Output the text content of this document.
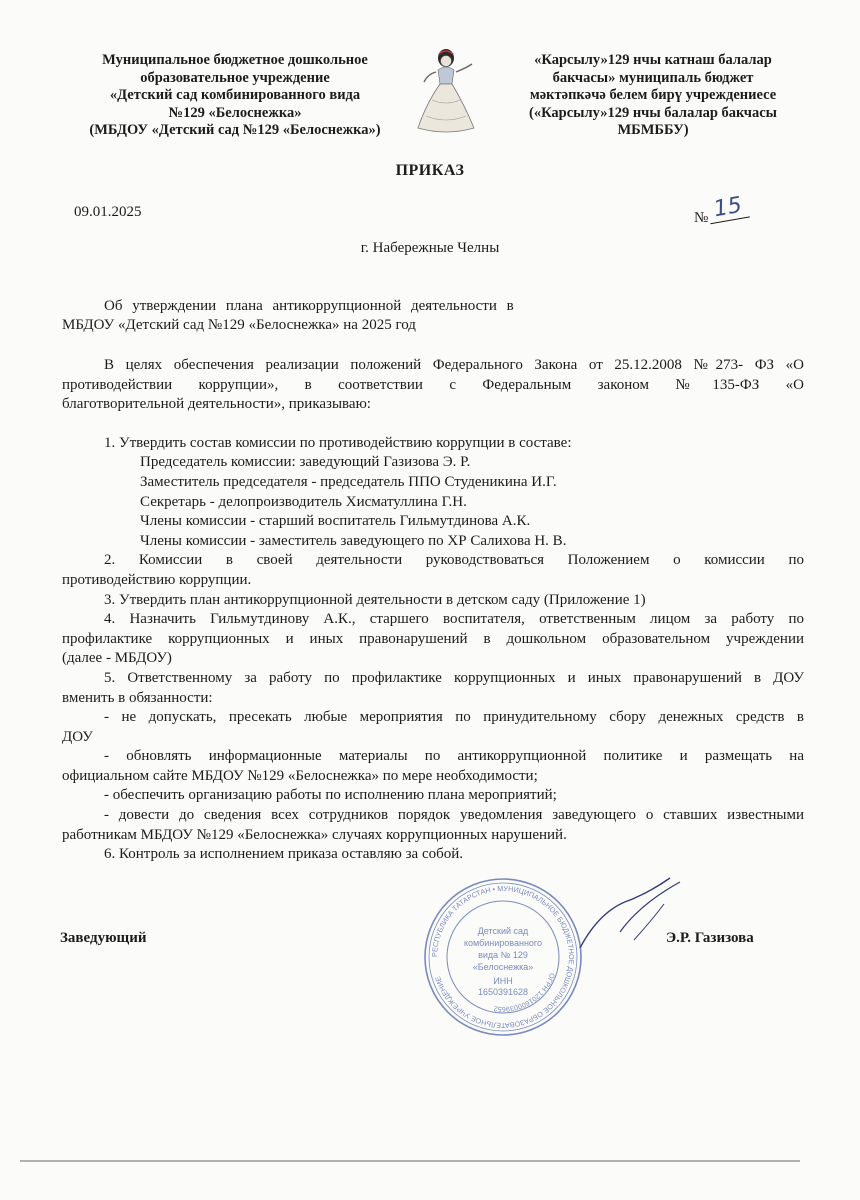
Муниципальное бюджетное дошкольное
образовательное учреждение
«Детский сад комбинированного вида
№129 «Белоснежка»
(МБДОУ «Детский сад №129 «Белоснежка»)
«Карсылу»129 нчы катнаш балалар
бакчасы» муниципаль бюджет
мәктәпкәчә белем бирү учреждениесе
(«Карсылу»129 нчы балалар бакчасы
МБМББУ)
ПРИКАЗ
09.01.2025	№ 15
г. Набережные Челны
Об утверждении плана антикоррупционной деятельности в
МБДОУ «Детский сад №129 «Белоснежка» на 2025 год

В целях обеспечения реализации положений Федерального Закона от 25.12.2008 №273- ФЗ «О

противодействии коррупции», в соответствии с Федеральным законом №135-ФЗ «О

благотворительной деятельности», приказываю:

1. Утвердить состав комиссии по противодействию коррупции в составе:

Председатель комиссии: заведующий Газизова Э. Р.

Заместитель председателя - председатель ППО Студеникина И.Г.

Секретарь - делопроизводитель Хисматуллина Г.Н.

Члены комиссии - старший воспитатель Гильмутдинова А.К.

Члены комиссии - заместитель заведующего по ХР Салихова Н. В.

2. Комиссии в своей деятельности руководствоваться Положением о комиссии по

противодействию коррупции.

3. Утвердить план антикоррупционной деятельности в детском саду (Приложение 1)

4. Назначить Гильмутдинову А.К., старшего воспитателя, ответственным лицом за работу по

профилактике коррупционных и иных правонарушений в дошкольном образовательном учреждении

(далее - МБДОУ)

5. Ответственному за работу по профилактике коррупционных и иных правонарушений в ДОУ

вменить в обязанности:

- не допускать, пресекать любые мероприятия по принудительному сбору денежных средств в

ДОУ

- обновлять информационные материалы по антикоррупционной политике и размещать на

официальном сайте МБДОУ №129 «Белоснежка» по мере необходимости;

- обеспечить организацию работы по исполнению плана мероприятий;

- довести до сведения всех сотрудников порядок уведомления заведующего о ставших известными

работникам МБДОУ №129 «Белоснежка» случаях коррупционных нарушений.

6. Контроль за исполнением приказа оставляю за собой.

РЕСПУБЛИКА ТАТАРСТАН • МУНИЦИПАЛЬНОЕ БЮДЖЕТНОЕ ДОШКОЛЬНОЕ ОБРАЗОВАТЕЛЬНОЕ УЧРЕЖДЕНИЕ	ОГРН 1201600039652
Детский сад
комбинированного
вида № 129
«Белоснежка»
ИНН
1650391628
Заведующий	Э.Р. Газизова
